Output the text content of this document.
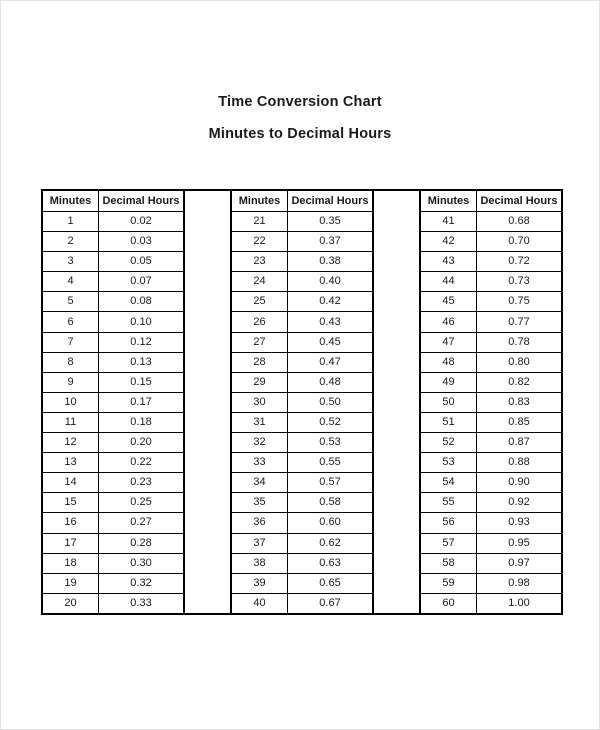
Time Conversion Chart
Minutes to Decimal Hours
Minutes	Decimal Hours
1	0.02
2	0.03
3	0.05
4	0.07
5	0.08
6	0.10
7	0.12
8	0.13
9	0.15
10	0.17
11	0.18
12	0.20
13	0.22
14	0.23
15	0.25
16	0.27
17	0.28
18	0.30
19	0.32
20	0.33
Minutes	Decimal Hours
21	0.35
22	0.37
23	0.38
24	0.40
25	0.42
26	0.43
27	0.45
28	0.47
29	0.48
30	0.50
31	0.52
32	0.53
33	0.55
34	0.57
35	0.58
36	0.60
37	0.62
38	0.63
39	0.65
40	0.67
Minutes	Decimal Hours
41	0.68
42	0.70
43	0.72
44	0.73
45	0.75
46	0.77
47	0.78
48	0.80
49	0.82
50	0.83
51	0.85
52	0.87
53	0.88
54	0.90
55	0.92
56	0.93
57	0.95
58	0.97
59	0.98
60	1.00
